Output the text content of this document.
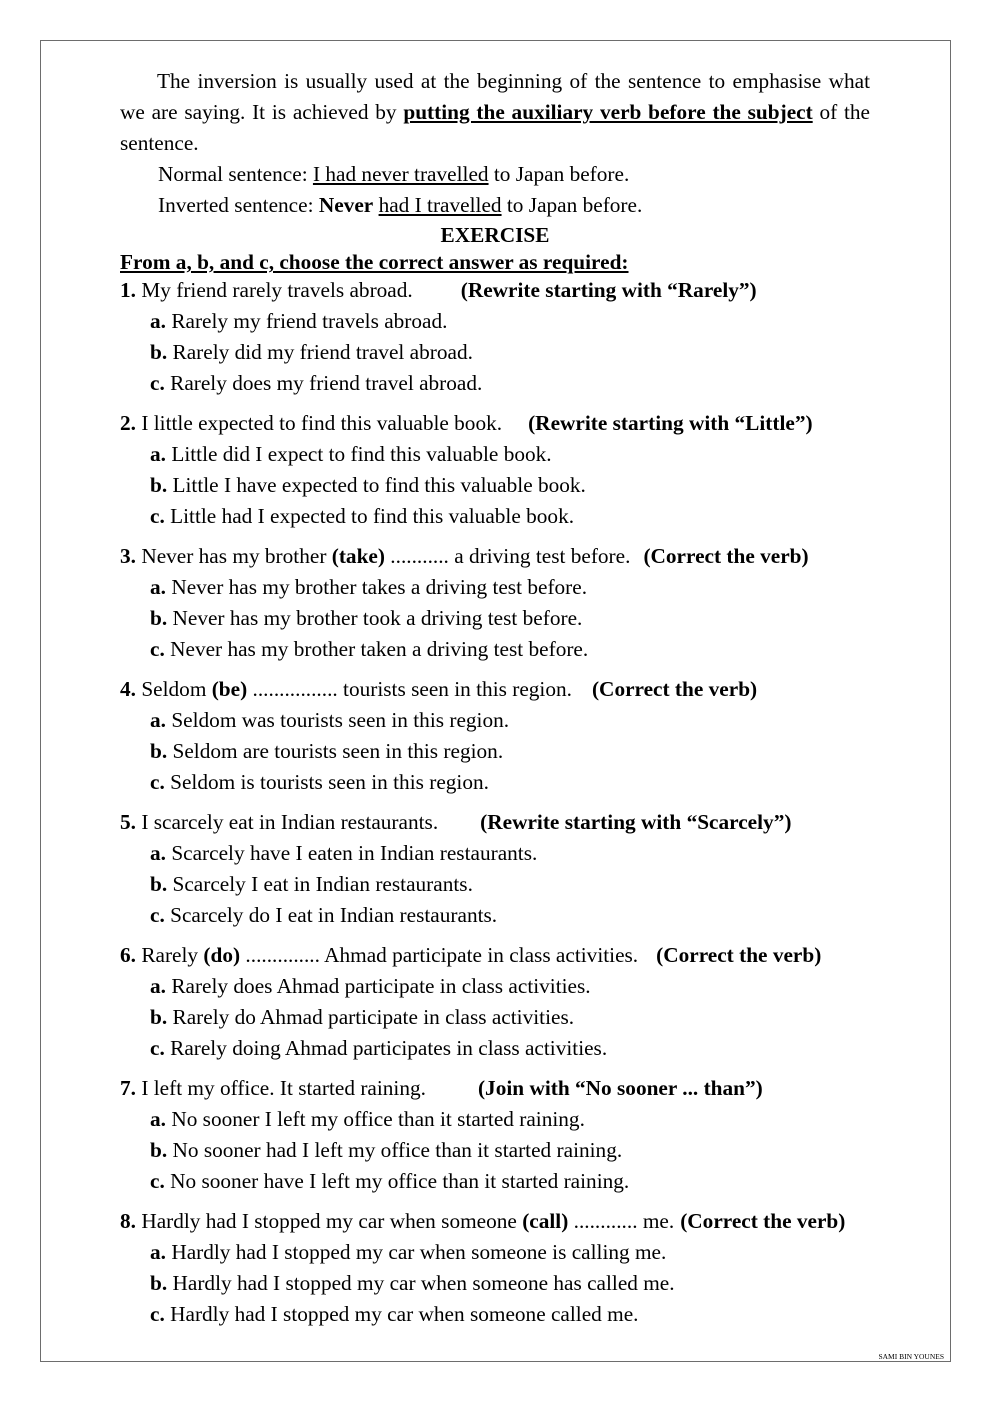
The inversion is usually used at the beginning of the sentence to emphasise what we are saying. It is achieved by putting the auxiliary verb before the subject of the sentence.

Normal sentence: I had never travelled to Japan before.

Inverted sentence: Never had I travelled to Japan before.

EXERCISE

From a, b, and c, choose the correct answer as required:

1. My friend rarely travels abroad. (Rewrite starting with “Rarely”)
a. Rarely my friend travels abroad.
b. Rarely did my friend travel abroad.
c. Rarely does my friend travel abroad.
2. I little expected to find this valuable book. (Rewrite starting with “Little”)
a. Little did I expect to find this valuable book.
b. Little I have expected to find this valuable book.
c. Little had I expected to find this valuable book.
3. Never has my brother (take) ........... a driving test before. (Correct the verb)
a. Never has my brother takes a driving test before.
b. Never has my brother took a driving test before.
c. Never has my brother taken a driving test before.
4. Seldom (be) ................ tourists seen in this region. (Correct the verb)
a. Seldom was tourists seen in this region.
b. Seldom are tourists seen in this region.
c. Seldom is tourists seen in this region.
5. I scarcely eat in Indian restaurants. (Rewrite starting with “Scarcely”)
a. Scarcely have I eaten in Indian restaurants.
b. Scarcely I eat in Indian restaurants.
c. Scarcely do I eat in Indian restaurants.
6. Rarely (do) .............. Ahmad participate in class activities. (Correct the verb)
a. Rarely does Ahmad participate in class activities.
b. Rarely do Ahmad participate in class activities.
c. Rarely doing Ahmad participates in class activities.
7. I left my office. It started raining. (Join with “No sooner ... than”)
a. No sooner I left my office than it started raining.
b. No sooner had I left my office than it started raining.
c. No sooner have I left my office than it started raining.
8. Hardly had I stopped my car when someone (call) ............ me. (Correct the verb)
a. Hardly had I stopped my car when someone is calling me.
b. Hardly had I stopped my car when someone has called me.
c. Hardly had I stopped my car when someone called me.
SAMI BIN YOUNES
